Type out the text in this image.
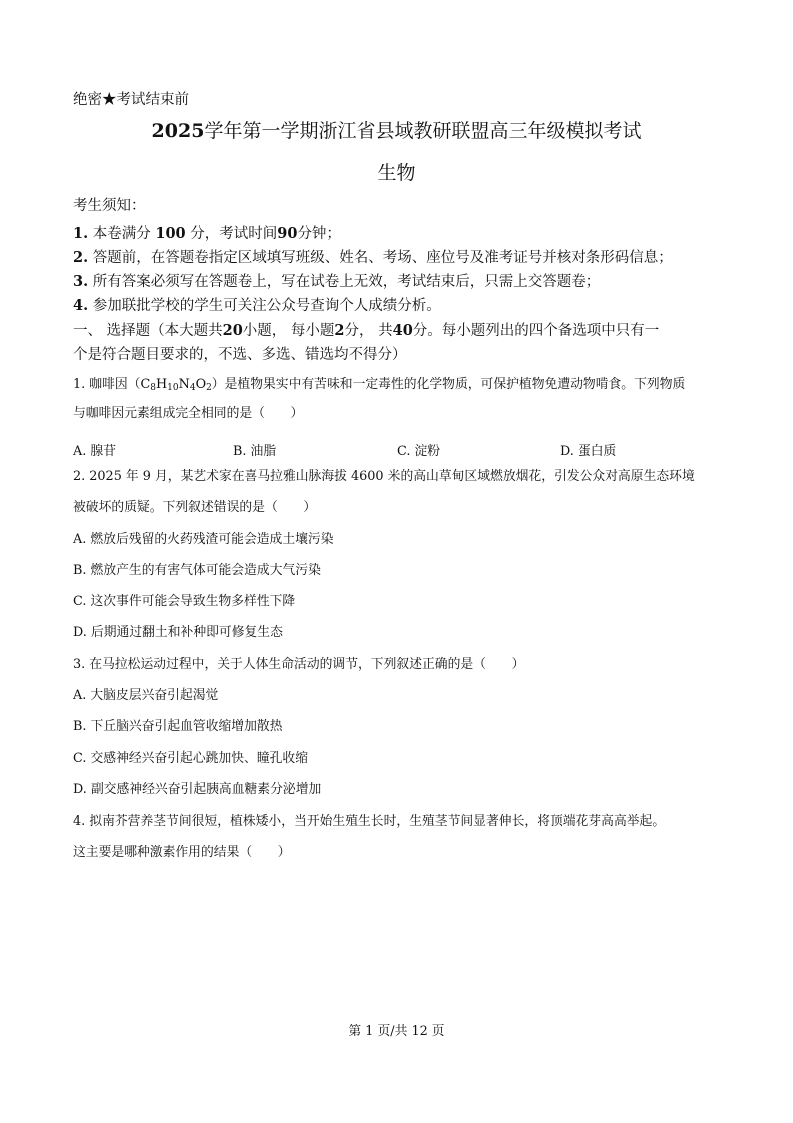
绝密★考试结束前
2025学年第一学期浙江省县域教研联盟高三年级模拟考试
生物
考生须知：
1. 本卷满分 100 分，考试时间90分钟；
2. 答题前，在答题卷指定区域填写班级、姓名、考场、座位号及准考证号并核对条形码信息；
3. 所有答案必须写在答题卷上，写在试卷上无效，考试结束后，只需上交答题卷；
4. 参加联批学校的学生可关注公众号查询个人成绩分析。
一、 选择题（本大题共20小题， 每小题2分， 共40分。每小题列出的四个备选项中只有一
个是符合题目要求的，不选、多选、错选均不得分）
1. 咖啡因$(C_8H_{10}N_4O_2)$是植物果实中有苦味和一定毒性的化学物质，可保护植物免遭动物啃食。下列物质
与咖啡因元素组成完全相同的是（　　）
A. 腺苷	B. 油脂	C. 淀粉	D. 蛋白质
2. 2025 年 9 月，某艺术家在喜马拉雅山脉海拔 4600 米的高山草甸区域燃放烟花，引发公众对高原生态环境
被破坏的质疑。下列叙述错误的是（　　）
A. 燃放后残留的火药残渣可能会造成土壤污染
B. 燃放产生的有害气体可能会造成大气污染
C. 这次事件可能会导致生物多样性下降
D. 后期通过翻土和补种即可修复生态
3. 在马拉松运动过程中，关于人体生命活动的调节，下列叙述正确的是（　　）
A. 大脑皮层兴奋引起渴觉
B. 下丘脑兴奋引起血管收缩增加散热
C. 交感神经兴奋引起心跳加快、瞳孔收缩
D. 副交感神经兴奋引起胰高血糖素分泌增加
4. 拟南芥营养茎节间很短，植株矮小，当开始生殖生长时，生殖茎节间显著伸长，将顶端花芽高高举起。
这主要是哪种激素作用的结果（　　）
第 1 页/共 12 页
